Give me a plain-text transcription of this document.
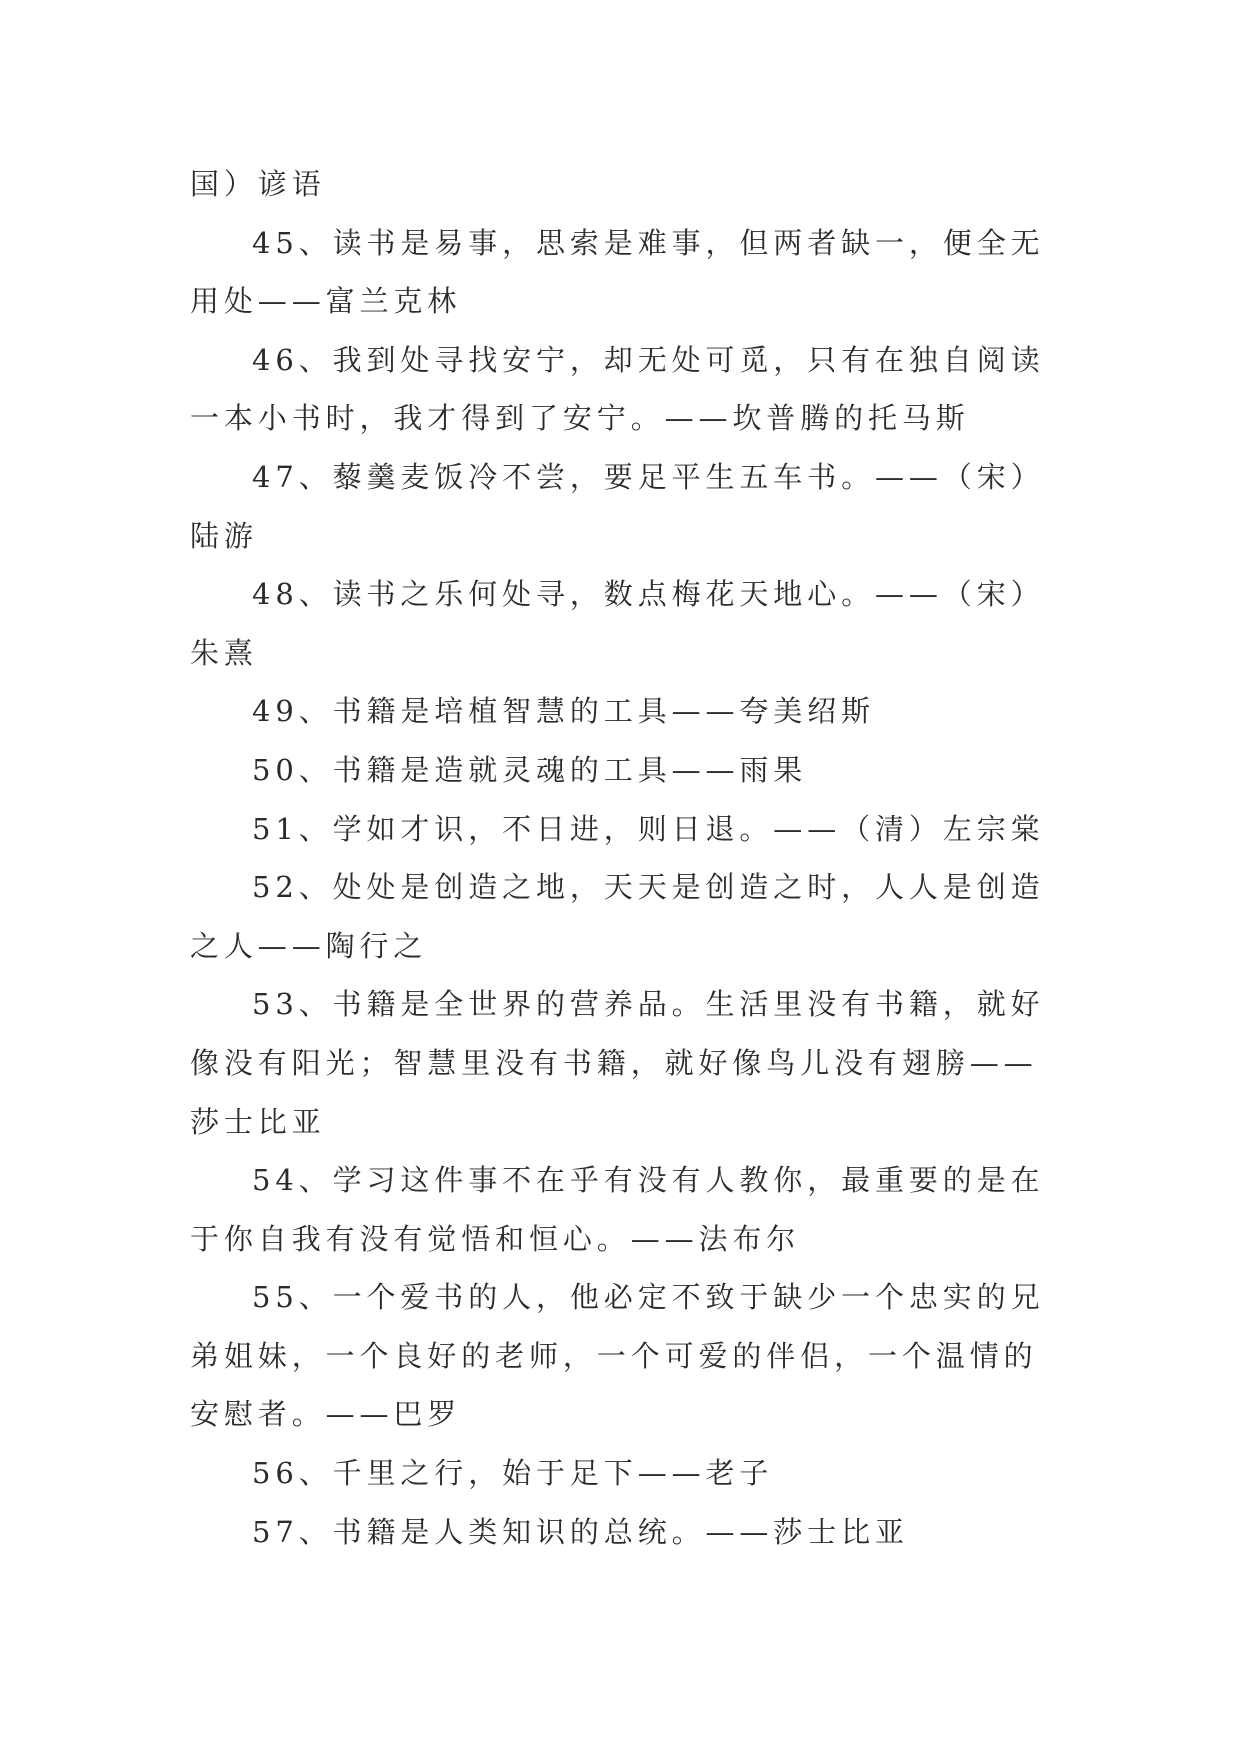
国）谚语

45、读书是易事，思索是难事，但两者缺一，便全无用处——富兰克林

46、我到处寻找安宁，却无处可觅，只有在独自阅读一本小书时，我才得到了安宁。——坎普腾的托马斯

47、藜羹麦饭冷不尝，要足平生五车书。——（宋）陆游

48、读书之乐何处寻，数点梅花天地心。——（宋）朱熹

49、书籍是培植智慧的工具——夸美绍斯

50、书籍是造就灵魂的工具——雨果

51、学如才识，不日进，则日退。——（清）左宗棠

52、处处是创造之地，天天是创造之时，人人是创造之人——陶行之

53、书籍是全世界的营养品。生活里没有书籍，就好像没有阳光；智慧里没有书籍，就好像鸟儿没有翅膀——莎士比亚

54、学习这件事不在乎有没有人教你，最重要的是在于你自我有没有觉悟和恒心。——法布尔

55、一个爱书的人，他必定不致于缺少一个忠实的兄弟姐妹，一个良好的老师，一个可爱的伴侣，一个温情的安慰者。——巴罗

56、千里之行，始于足下——老子

57、书籍是人类知识的总统。——莎士比亚
